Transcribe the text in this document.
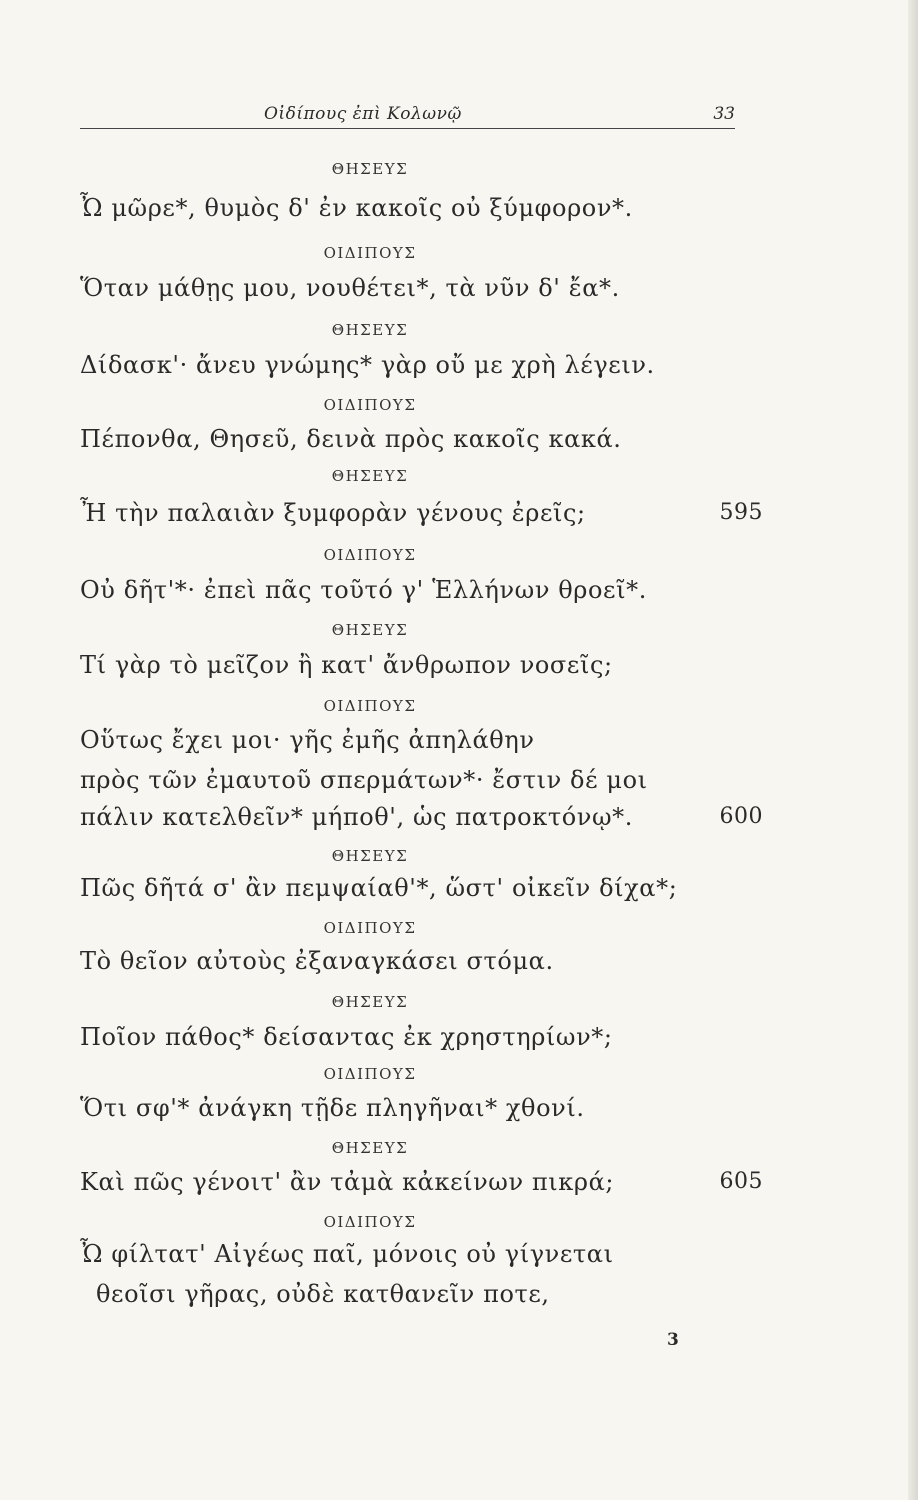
Οἰδίπους ἐπὶ Κολωνῷ	33
ΘΗΣΕΥΣ
Ὦ μῶρε*, θυμὸς δ' ἐν κακοῖς οὐ ξύμφορον*.
ΟΙΔΙΠΟΥΣ
Ὅταν μάθῃς μου, νουθέτει*, τὰ νῦν δ' ἔα*.
ΘΗΣΕΥΣ
Δίδασκ'· ἄνευ γνώμης* γὰρ οὔ με χρὴ λέγειν.
ΟΙΔΙΠΟΥΣ
Πέπονθα, Θησεῦ, δεινὰ πρὸς κακοῖς κακά.
ΘΗΣΕΥΣ
Ἦ τὴν παλαιὰν ξυμφορὰν γένους ἐρεῖς;	595
ΟΙΔΙΠΟΥΣ
Οὐ δῆτ'*· ἐπεὶ πᾶς τοῦτό γ' Ἑλλήνων θροεῖ*.
ΘΗΣΕΥΣ
Τί γὰρ τὸ μεῖζον ἢ κατ' ἄνθρωπον νοσεῖς;
ΟΙΔΙΠΟΥΣ
Οὕτως ἔχει μοι· γῆς ἐμῆς ἀπηλάθην
πρὸς τῶν ἐμαυτοῦ σπερμάτων*· ἔστιν δέ μοι
πάλιν κατελθεῖν* μήποθ', ὡς πατροκτόνῳ*.	600
ΘΗΣΕΥΣ
Πῶς δῆτά σ' ἂν πεμψαίαθ'*, ὥστ' οἰκεῖν δίχα*;
ΟΙΔΙΠΟΥΣ
Τὸ θεῖον αὐτοὺς ἐξαναγκάσει στόμα.
ΘΗΣΕΥΣ
Ποῖον πάθος* δείσαντας ἐκ χρηστηρίων*;
ΟΙΔΙΠΟΥΣ
Ὅτι σφ'* ἀνάγκη τῇδε πληγῆναι* χθονί.
ΘΗΣΕΥΣ
Καὶ πῶς γένοιτ' ἂν τἀμὰ κἀκείνων πικρά;	605
ΟΙΔΙΠΟΥΣ
Ὦ φίλτατ' Αἰγέως παῖ, μόνοις οὐ γίγνεται
θεοῖσι γῆρας, οὐδὲ κατθανεῖν ποτε,
3
